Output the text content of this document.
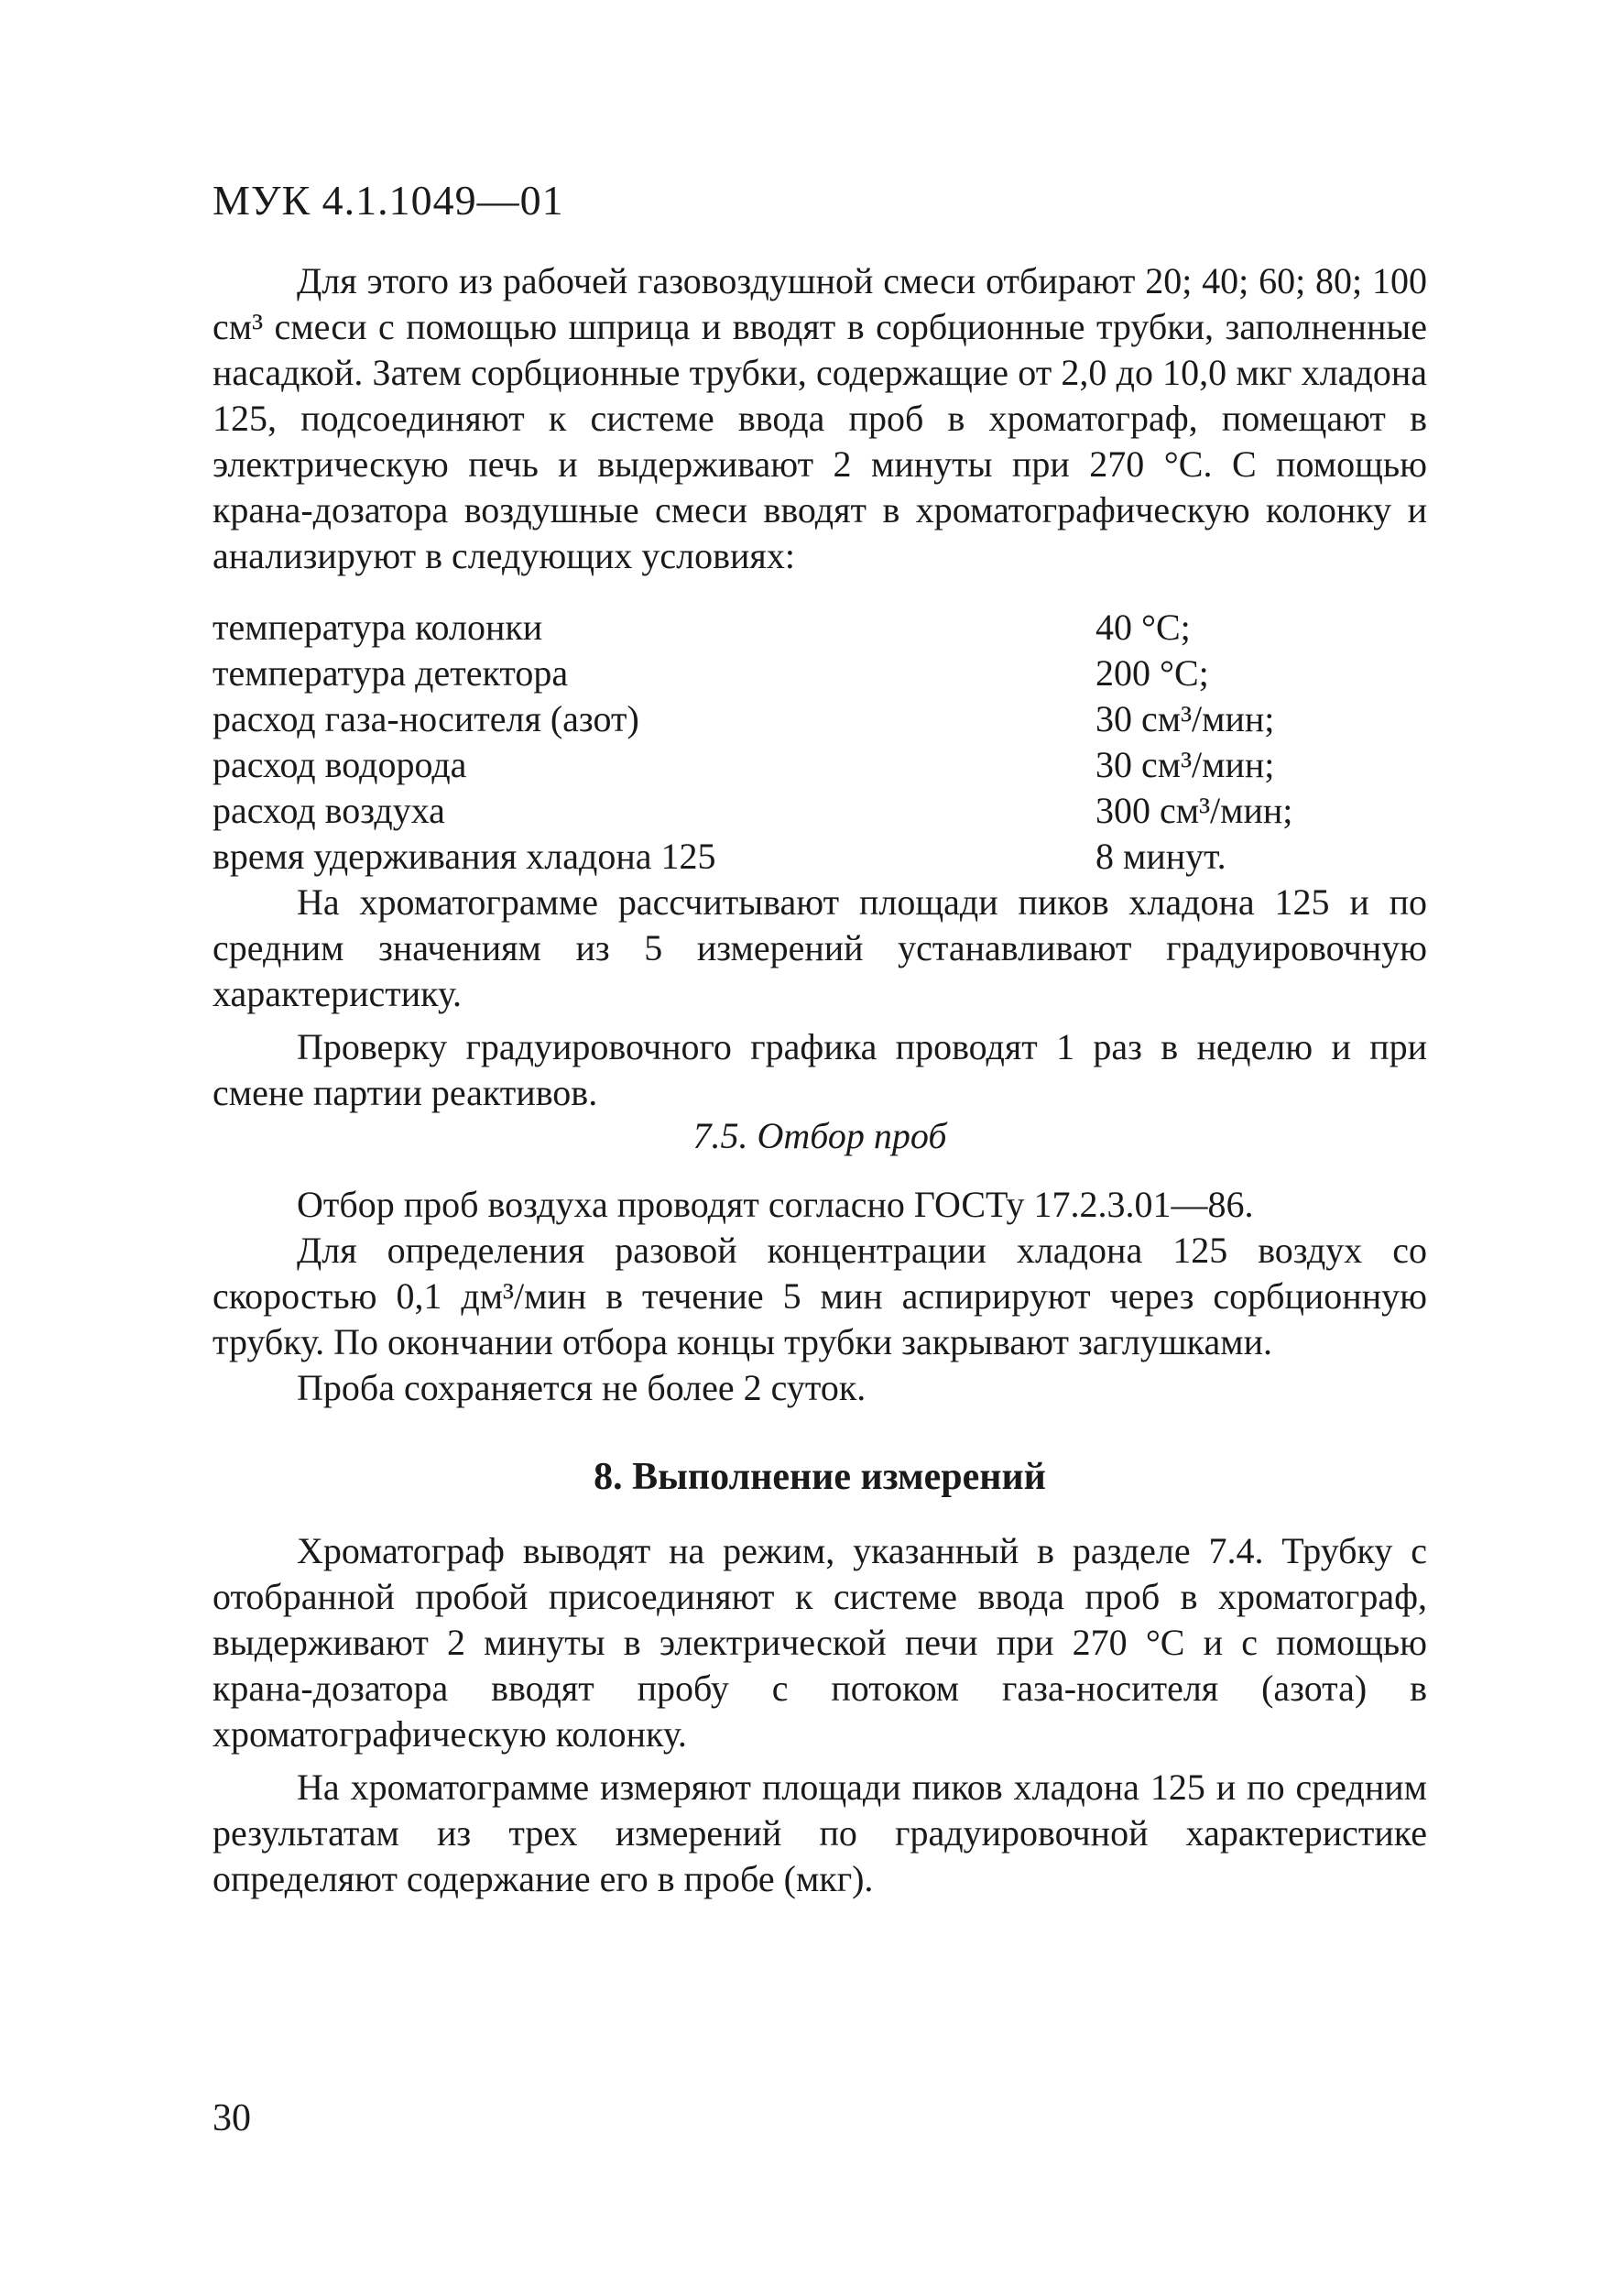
МУК 4.1.1049—01

Для этого из рабочей газовоздушной смеси отбирают 20; 40; 60; 80; 100 см³ смеси с помощью шприца и вводят в сорбционные трубки, заполненные насадкой. Затем сорбционные трубки, содержащие от 2,0 до 10,0 мкг хладона 125, подсоединяют к системе ввода проб в хроматограф, помещают в электрическую печь и выдерживают 2 минуты при 270 °С. С помощью крана-дозатора воздушные смеси вводят в хроматографическую колонку и анализируют в следующих условиях:

температура колонки	40 °С;
температура детектора	200 °С;
расход газа-носителя (азот)	30 см³/мин;
расход водорода	30 см³/мин;
расход воздуха	300 см³/мин;
время удерживания хладона 125	8 минут.

На хроматограмме рассчитывают площади пиков хладона 125 и по средним значениям из 5 измерений устанавливают градуировочную характеристику.

Проверку градуировочного графика проводят 1 раз в неделю и при смене партии реактивов.

7.5. Отбор проб

Отбор проб воздуха проводят согласно ГОСТу 17.2.3.01—86.

Для определения разовой концентрации хладона 125 воздух со скоростью 0,1 дм³/мин в течение 5 мин аспирируют через сорбционную трубку. По окончании отбора концы трубки закрывают заглушками.

Проба сохраняется не более 2 суток.

8. Выполнение измерений

Хроматограф выводят на режим, указанный в разделе 7.4. Трубку с отобранной пробой присоединяют к системе ввода проб в хроматограф, выдерживают 2 минуты в электрической печи при 270 °С и с помощью крана-дозатора вводят пробу с потоком газа-носителя (азота) в хроматографическую колонку.

На хроматограмме измеряют площади пиков хладона 125 и по средним результатам из трех измерений по градуировочной характеристике определяют содержание его в пробе (мкг).

30
